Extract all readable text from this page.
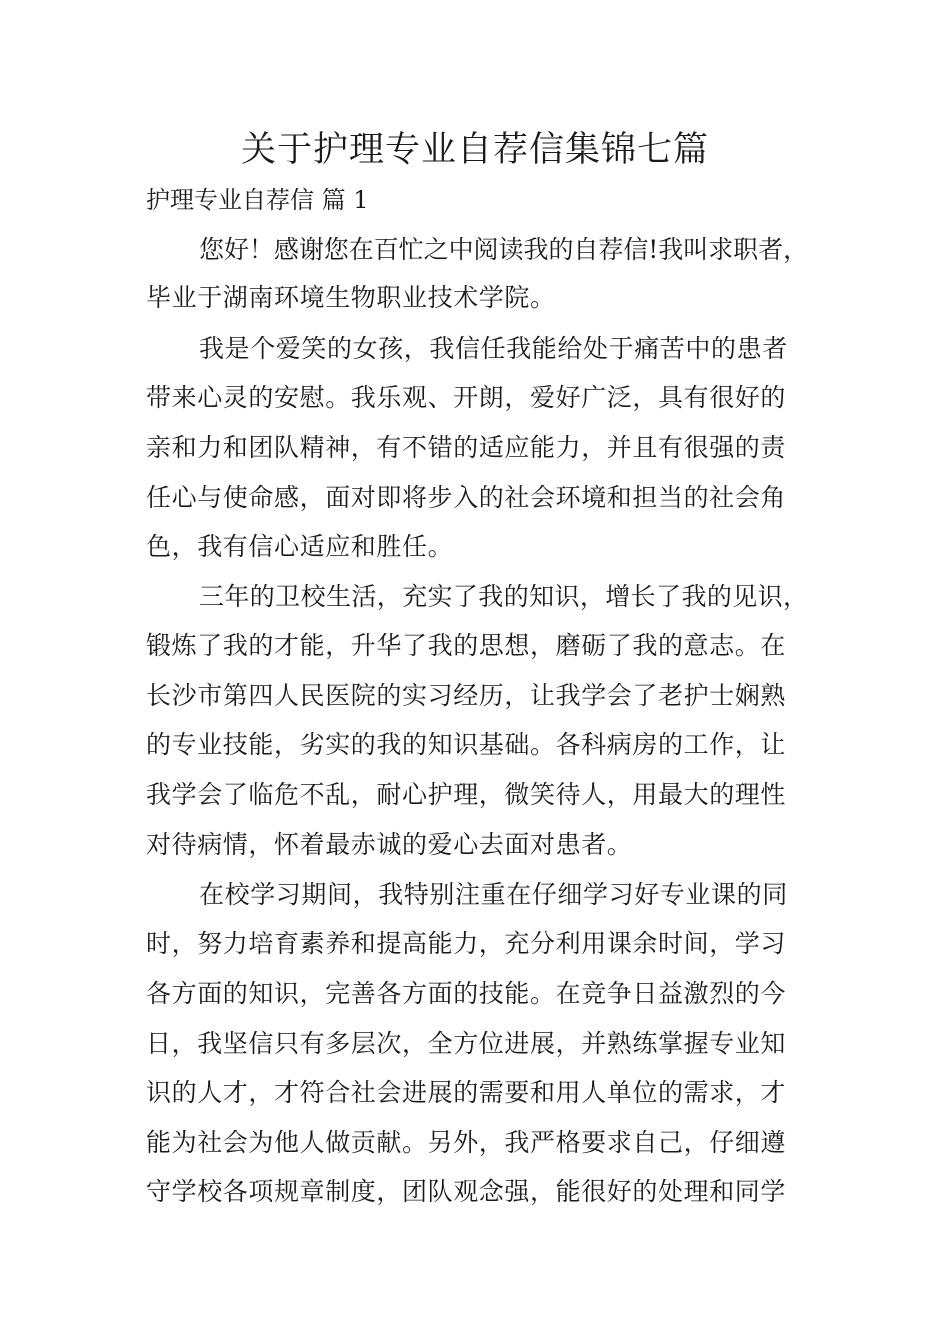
关于护理专业自荐信集锦七篇
护理专业自荐信 篇 1
您好！感谢您在百忙之中阅读我的自荐信!我叫求职者，
毕业于湖南环境生物职业技术学院。
我是个爱笑的女孩，我信任我能给处于痛苦中的患者
带来心灵的安慰。我乐观、开朗，爱好广泛，具有很好的
亲和力和团队精神，有不错的适应能力，并且有很强的责
任心与使命感，面对即将步入的社会环境和担当的社会角
色，我有信心适应和胜任。
三年的卫校生活，充实了我的知识，增长了我的见识，
锻炼了我的才能，升华了我的思想，磨砺了我的意志。在
长沙市第四人民医院的实习经历，让我学会了老护士娴熟
的专业技能，劣实的我的知识基础。各科病房的工作，让
我学会了临危不乱，耐心护理，微笑待人，用最大的理性
对待病情，怀着最赤诚的爱心去面对患者。
在校学习期间，我特别注重在仔细学习好专业课的同
时，努力培育素养和提高能力，充分利用课余时间，学习
各方面的知识，完善各方面的技能。在竞争日益激烈的今
日，我坚信只有多层次，全方位进展，并熟练掌握专业知
识的人才，才符合社会进展的需要和用人单位的需求，才
能为社会为他人做贡献。另外，我严格要求自己，仔细遵
守学校各项规章制度，团队观念强，能很好的处理和同学
